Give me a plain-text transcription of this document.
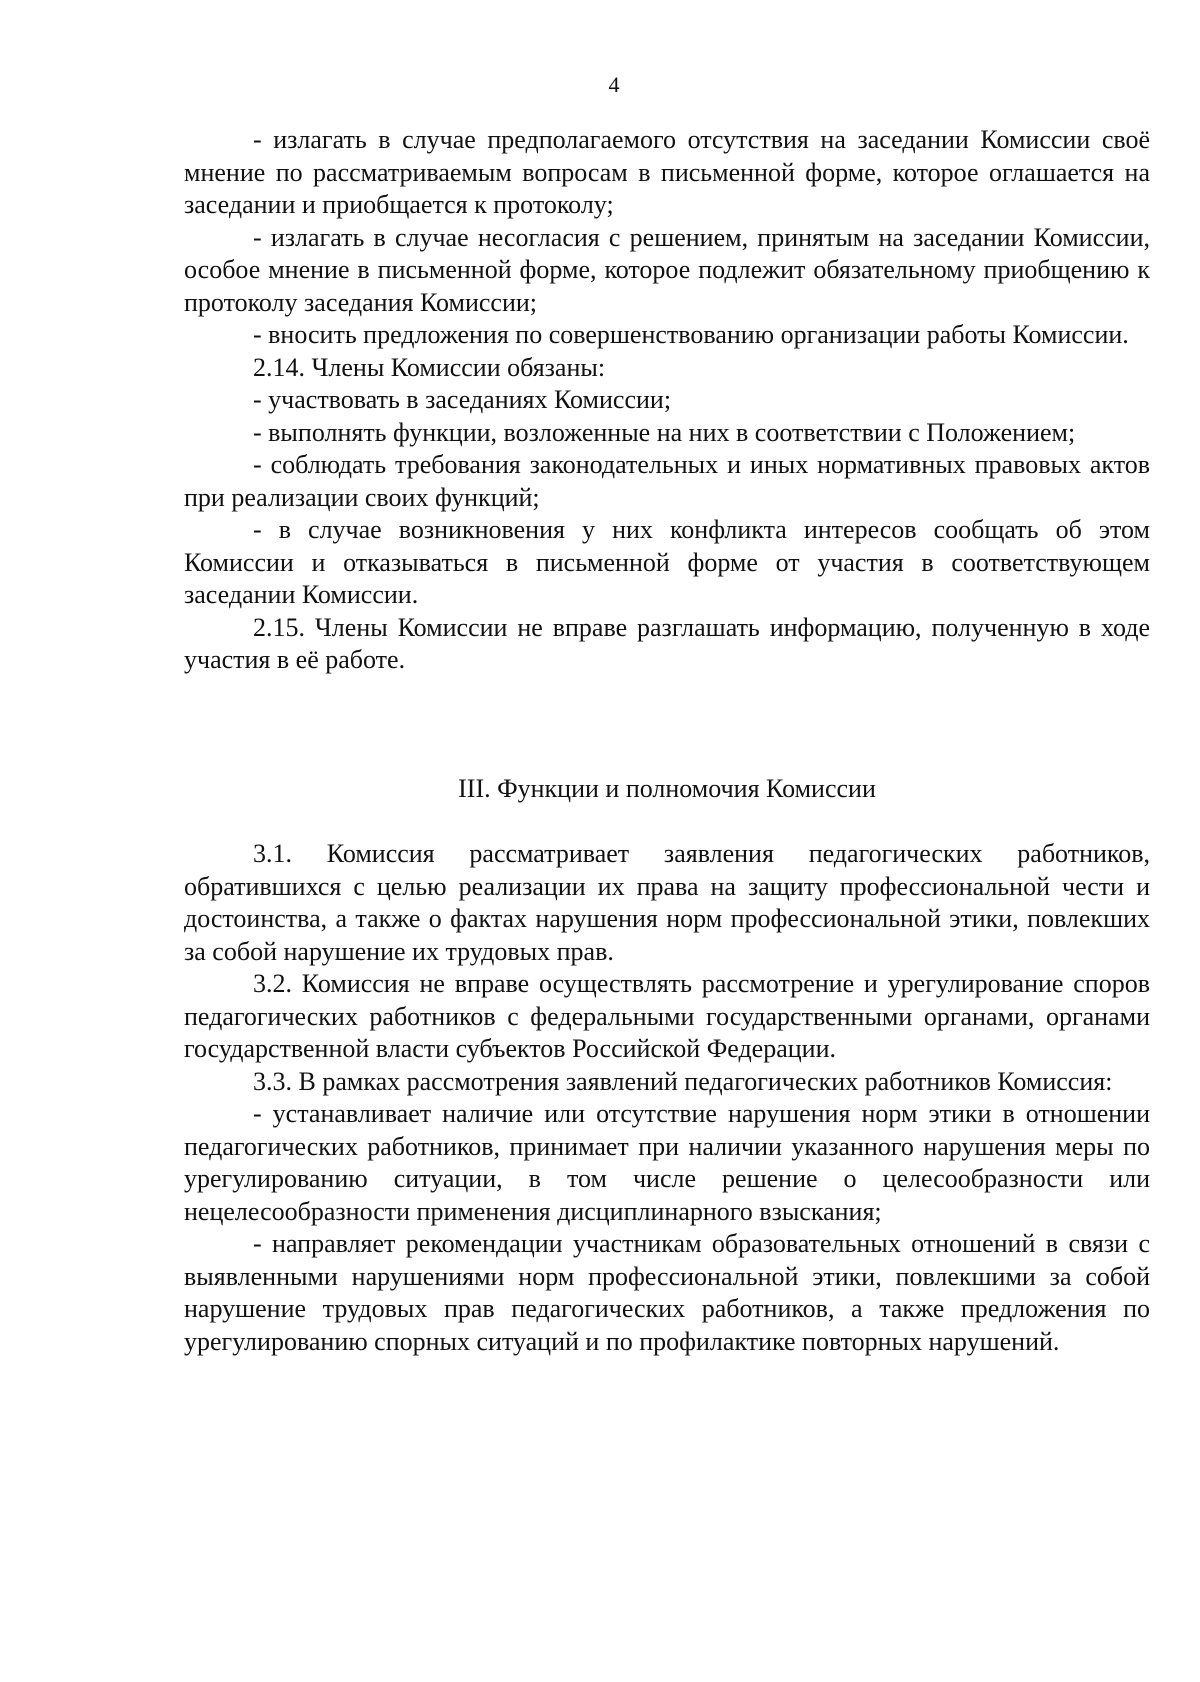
4

- излагать в случае предполагаемого отсутствия на заседании Комиссии своё мнение по рассматриваемым вопросам в письменной форме, которое оглашается на заседании и приобщается к протоколу;

- излагать в случае несогласия с решением, принятым на заседании Комиссии, особое мнение в письменной форме, которое подлежит обязательному приобщению к протоколу заседания Комиссии;

- вносить предложения по совершенствованию организации работы Комиссии.

2.14. Члены Комиссии обязаны:

- участвовать в заседаниях Комиссии;

- выполнять функции, возложенные на них в соответствии с Положением;

- соблюдать требования законодательных и иных нормативных правовых актов при реализации своих функций;

- в случае возникновения у них конфликта интересов сообщать об этом Комиссии и отказываться в письменной форме от участия в соответствующем заседании Комиссии.

2.15. Члены Комиссии не вправе разглашать информацию, полученную в ходе участия в её работе.

III. Функции и полномочия Комиссии

3.1. Комиссия рассматривает заявления педагогических работников, обратившихся с целью реализации их права на защиту профессиональной чести и достоинства, а также о фактах нарушения норм профессиональной этики, повлекших за собой нарушение их трудовых прав.

3.2. Комиссия не вправе осуществлять рассмотрение и урегулирование споров педагогических работников с федеральными государственными органами, органами государственной власти субъектов Российской Федерации.

3.3. В рамках рассмотрения заявлений педагогических работников Комиссия:

- устанавливает наличие или отсутствие нарушения норм этики в отношении педагогических работников, принимает при наличии указанного нарушения меры по урегулированию ситуации, в том числе решение о целесообразности или нецелесообразности применения дисциплинарного взыскания;

- направляет рекомендации участникам образовательных отношений в связи с выявленными нарушениями норм профессиональной этики, повлекшими за собой нарушение трудовых прав педагогических работников, а также предложения по урегулированию спорных ситуаций и по профилактике повторных нарушений.
